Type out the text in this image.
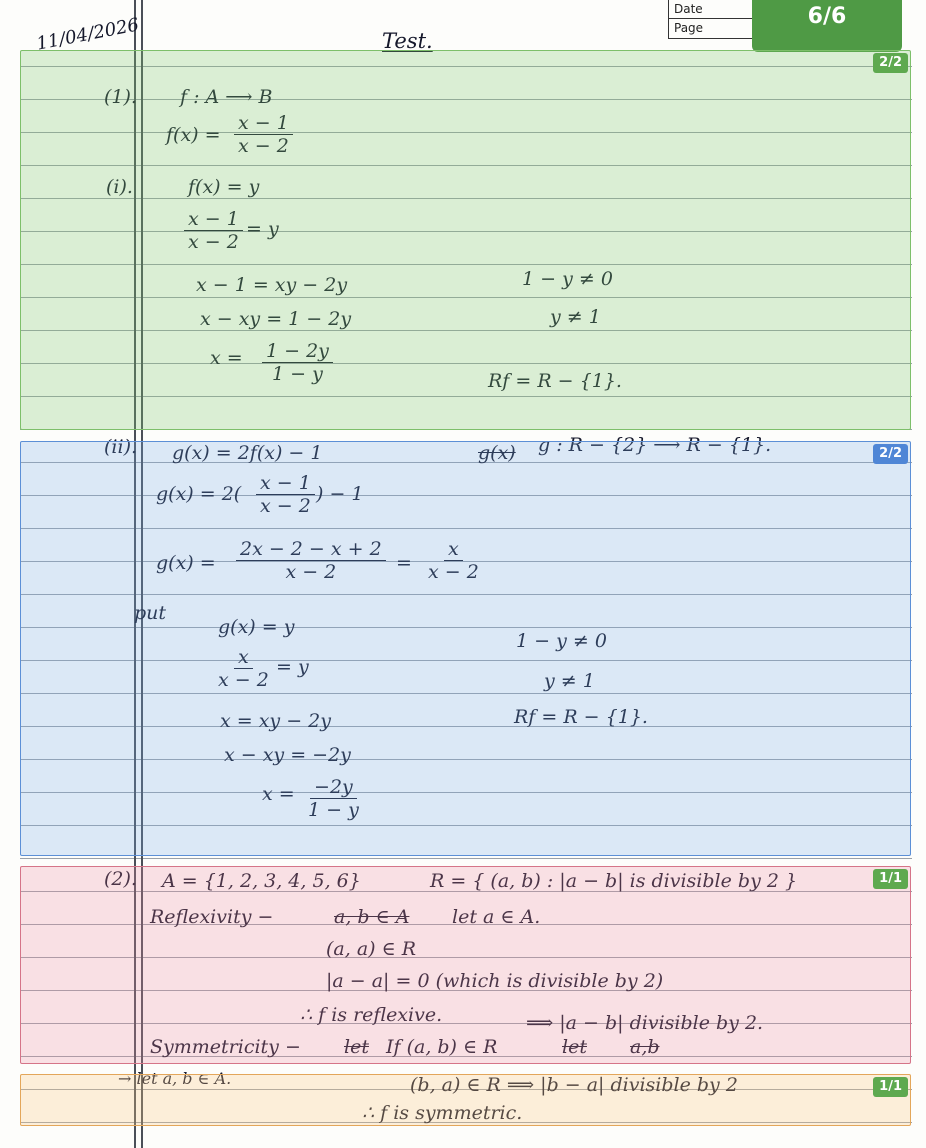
11/04/2026	Test.
Date
Page	6/6
(1). f : A ⟶ B
$f(x) = \frac{x - 1}{x - 2}$
(i).	f(x) = y
$\frac{x - 1}{x - 2} = y$
x − 1 = xy − 2y
x − xy = 1 − 2y
$x = \frac{1 - 2y}{1 - y}$
1 − y ≠ 0
y ≠ 1
Rf = R − {1}.
(ii). g(x) = 2f(x) − 1	g(x) g : R − {2} ⟶ R − {1}.
$g(x) = 2( \frac{x - 1}{x - 2}$ ) − 1
$g(x) = \frac{2x - 2 - x + 2}{x - 2} = \frac{x}{x - 2}$
put
g(x) = y
$\frac{x}{x - 2} = y$
x = xy − 2y
x − xy = −2y
$x = \frac{-2y}{1 - y}$
1 − y ≠ 0
y ≠ 1
Rf = R − {1}.
(2). A = {1, 2, 3, 4, 5, 6}	R = { (a, b) : |a − b| is divisible by 2 }
Reflexivity −	a, b ∈ A let a ∈ A.
(a, a) ∈ R
|a − a| = 0 (which is divisible by 2)
∴ f is reflexive.
Symmetricity − let If (a, b) ∈ R
⟹ |a − b| divisible by 2.
let a,b
→ let a, b ∈ A.	(b, a) ∈ R ⟹ |b − a| divisible by 2
∴ f is symmetric.
2/2
2/2
1/1
1/1
